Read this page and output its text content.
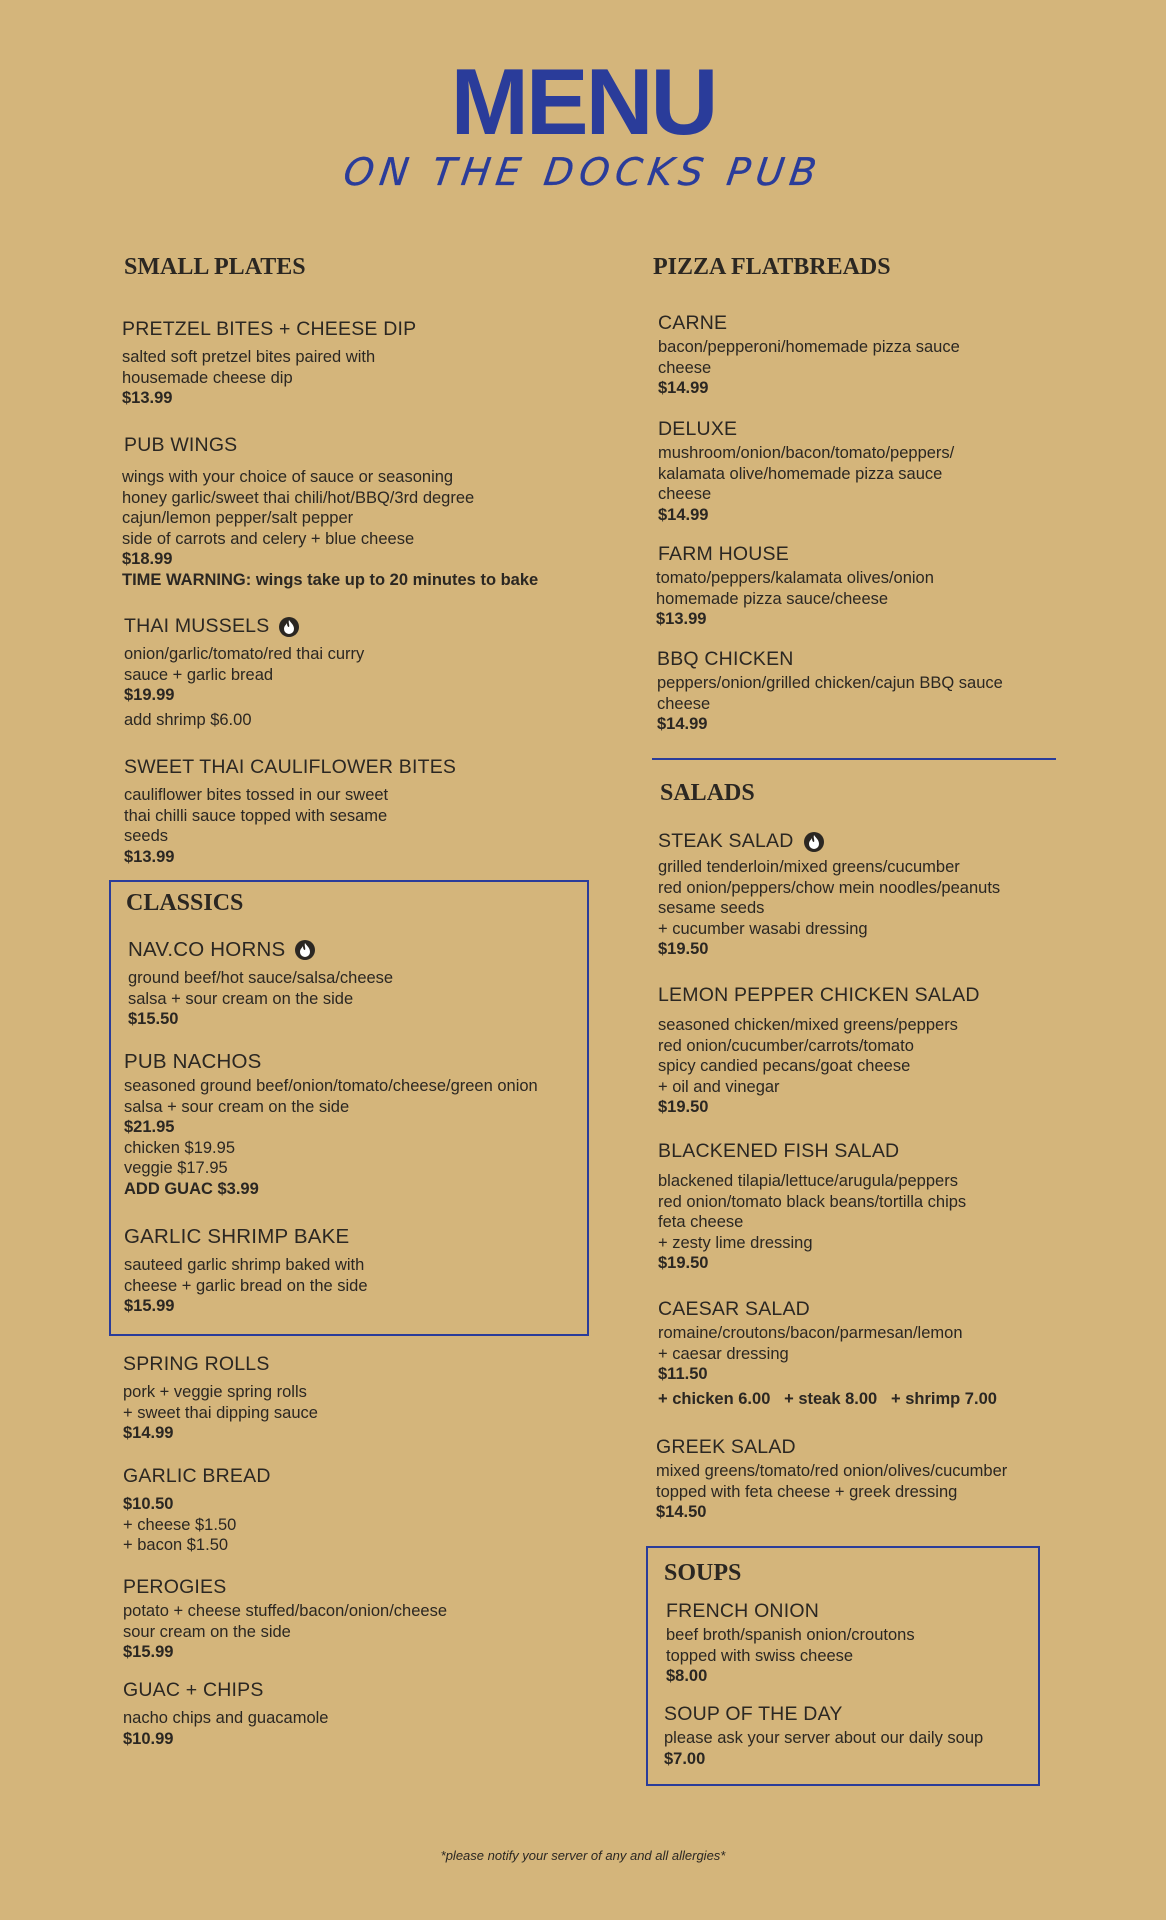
MENU
ON THE DOCKS PUB
SMALL PLATES
PRETZEL BITES + CHEESE DIP
salted soft pretzel bites paired with
housemade cheese dip
$13.99
PUB WINGS
wings with your choice of sauce or seasoning
honey garlic/sweet thai chili/hot/BBQ/3rd degree
cajun/lemon pepper/salt pepper
side of carrots and celery + blue cheese
$18.99
TIME WARNING: wings take up to 20 minutes to bake
THAI MUSSELS
onion/garlic/tomato/red thai curry
sauce + garlic bread
$19.99
add shrimp $6.00
SWEET THAI CAULIFLOWER BITES
cauliflower bites tossed in our sweet
thai chilli sauce topped with sesame
seeds
$13.99
CLASSICS
NAV.CO HORNS
ground beef/hot sauce/salsa/cheese
salsa + sour cream on the side
$15.50
PUB NACHOS
seasoned ground beef/onion/tomato/cheese/green onion
salsa + sour cream on the side
$21.95
chicken $19.95
veggie $17.95
ADD GUAC $3.99
GARLIC SHRIMP BAKE
sauteed garlic shrimp baked with
cheese + garlic bread on the side
$15.99
SPRING ROLLS
pork + veggie spring rolls
+ sweet thai dipping sauce
$14.99
GARLIC BREAD
$10.50
+ cheese $1.50
+ bacon $1.50
PEROGIES
potato + cheese stuffed/bacon/onion/cheese
sour cream on the side
$15.99
GUAC + CHIPS
nacho chips and guacamole
$10.99
PIZZA FLATBREADS
CARNE
bacon/pepperoni/homemade pizza sauce
cheese
$14.99
DELUXE
mushroom/onion/bacon/tomato/peppers/
kalamata olive/homemade pizza sauce
cheese
$14.99
FARM HOUSE
tomato/peppers/kalamata olives/onion
homemade pizza sauce/cheese
$13.99
BBQ CHICKEN
peppers/onion/grilled chicken/cajun BBQ sauce
cheese
$14.99
SALADS
STEAK SALAD
grilled tenderloin/mixed greens/cucumber
red onion/peppers/chow mein noodles/peanuts
sesame seeds
+ cucumber wasabi dressing
$19.50
LEMON PEPPER CHICKEN SALAD
seasoned chicken/mixed greens/peppers
red onion/cucumber/carrots/tomato
spicy candied pecans/goat cheese
+ oil and vinegar
$19.50
BLACKENED FISH SALAD
blackened tilapia/lettuce/arugula/peppers
red onion/tomato black beans/tortilla chips
feta cheese
+ zesty lime dressing
$19.50
CAESAR SALAD
romaine/croutons/bacon/parmesan/lemon
+ caesar dressing
$11.50
+ chicken 6.00   + steak 8.00   + shrimp 7.00
GREEK SALAD
mixed greens/tomato/red onion/olives/cucumber
topped with feta cheese + greek dressing
$14.50
SOUPS
FRENCH ONION
beef broth/spanish onion/croutons
topped with swiss cheese
$8.00
SOUP OF THE DAY
please ask your server about our daily soup
$7.00
*please notify your server of any and all allergies*
